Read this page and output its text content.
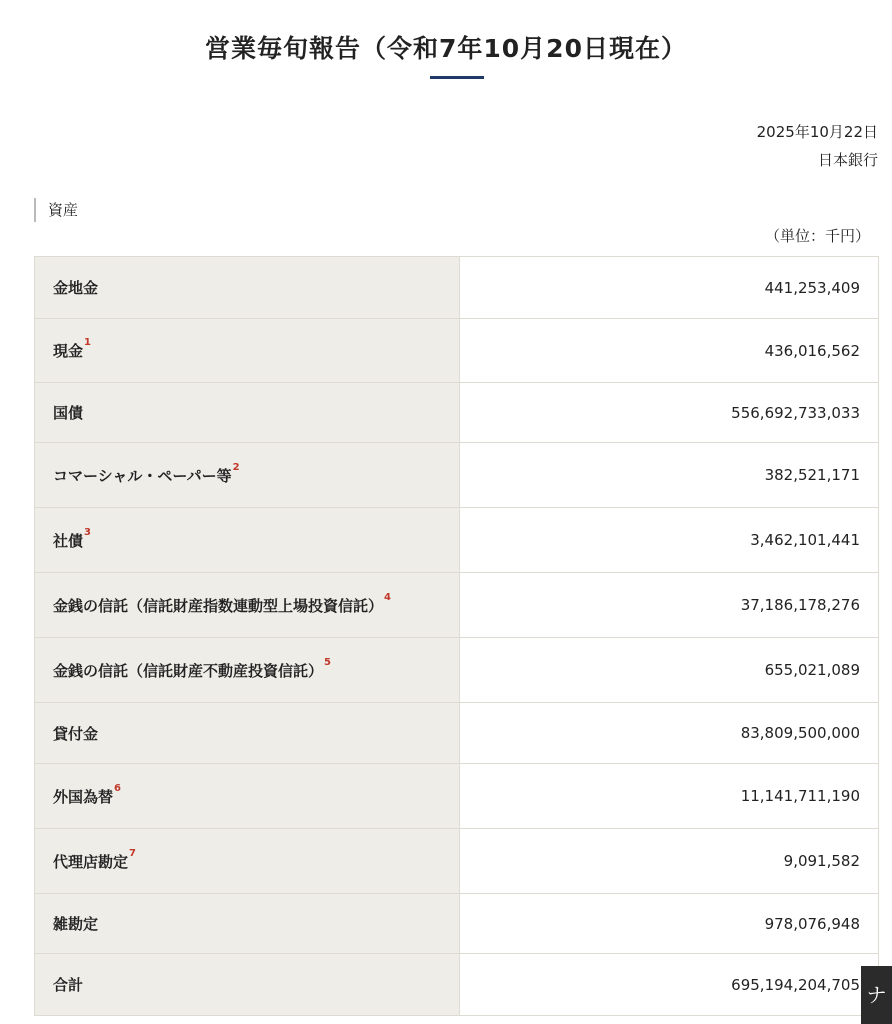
営業毎旬報告（令和7年10月20日現在）
2025年10月22日
日本銀行
資産
（単位：千円）
金地金	441,253,409
現金$^1$	436,016,562
国債	556,692,733,033
コマーシャル・ペーパー等$^2$	382,521,171
社債$^3$	3,462,101,441
金銭の信託（信託財産指数連動型上場投資信託）$^4$	37,186,178,276
金銭の信託（信託財産不動産投資信託）$^5$	655,021,089
貸付金	83,809,500,000
外国為替$^6$	11,141,711,190
代理店勘定$^7$	9,091,582
雑勘定	978,076,948
合計	695,194,204,705 ナ
